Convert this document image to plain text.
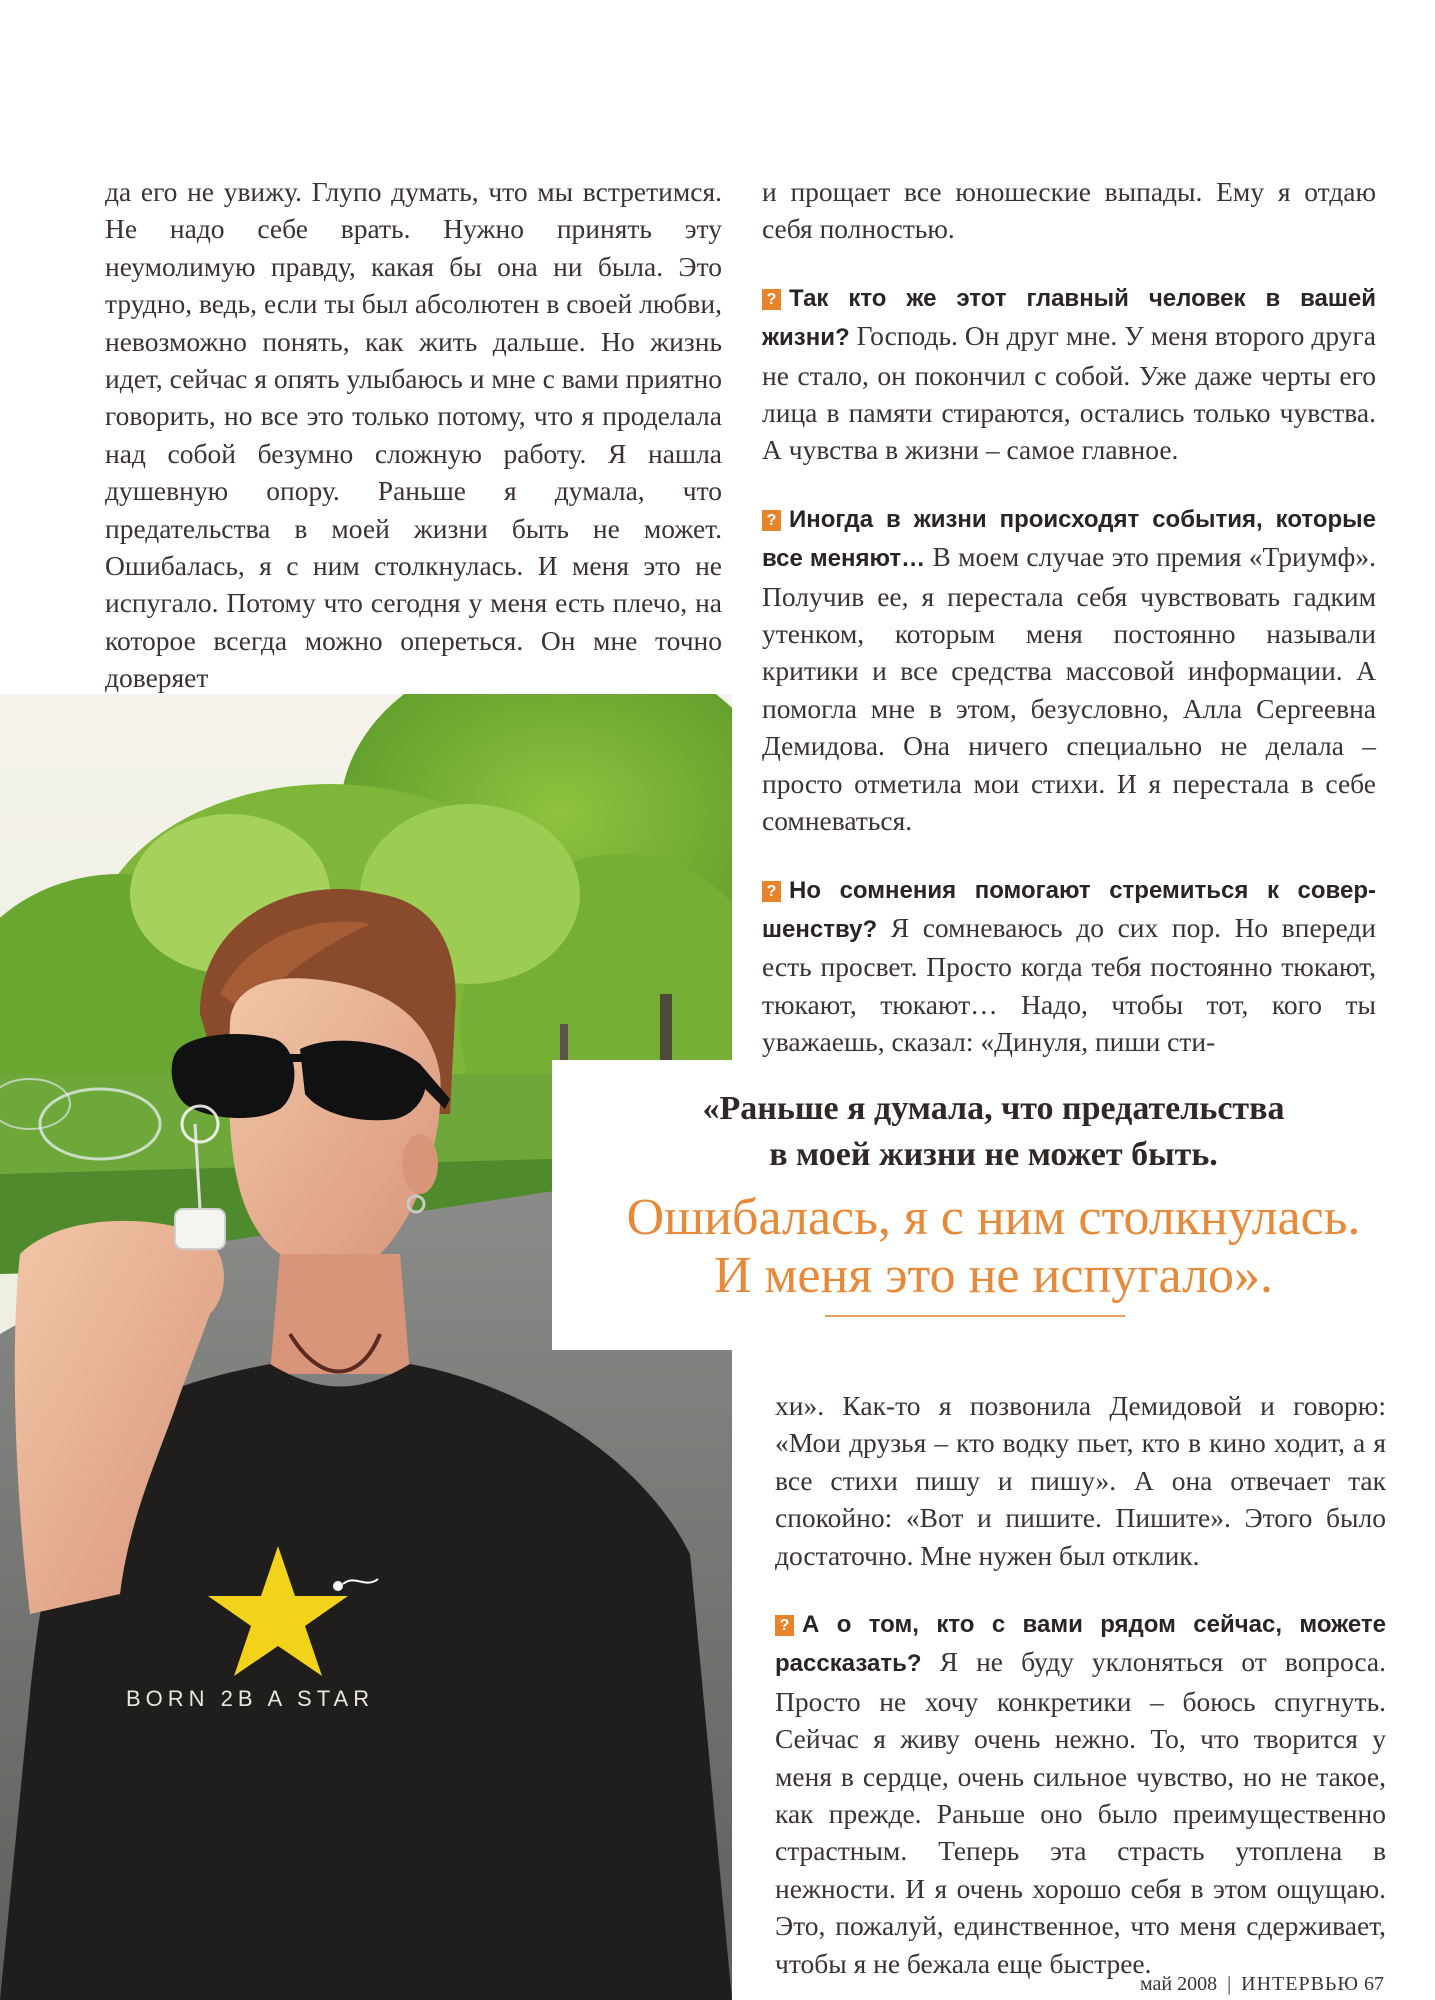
да его не увижу. Глупо думать, что мы встретимся. Не надо себе врать. Нужно принять эту неумолимую правду, какая бы она ни была. Это трудно, ведь, если ты был абсолютен в своей любви, невозможно понять, как жить дальше. Но жизнь идет, сейчас я опять улыбаюсь и мне с вами приятно говорить, но все это только потому, что я проделала над собой безумно сложную работу. Я нашла душевную опору. Раньше я думала, что предательства в моей жизни быть не может. Ошибалась, я с ним столкнулась. И меня это не испугало. Потому что сегодня у меня есть плечо, на которое всегда можно опереться. Он мне точно доверяет

и прощает все юношеские выпады. Ему я отдаю себя полностью.

? Так кто же этот главный человек в вашей жизни? Господь. Он друг мне. У меня второго друга не стало, он покончил с собой. Уже даже черты его лица в памяти стираются, остались только чувства. А чувства в жизни – самое главное.

? Иногда в жизни происходят события, которые все меняют… В моем случае это премия «Триумф». Получив ее, я перестала себя чувствовать гадким утенком, которым меня постоянно называли критики и все средства массовой информации. А помогла мне в этом, безусловно, Алла Сергеевна Демидова. Она ничего специально не делала – просто отметила мои стихи. И я перестала в себе сомневаться.

? Но сомнения помогают стремиться к совершенству? Я сомневаюсь до сих пор. Но впереди есть просвет. Просто когда тебя постоянно тюкают, тюкают, тюкают… Надо, чтобы тот, кого ты уважаешь, сказал: «Динуля, пиши сти-

BORN 2B A STAR
«Раньше я думала, что предательства
в моей жизни не может быть.
Ошибалась, я с ним столкнулась.
И меня это не испугало».

хи». Как-то я позвонила Демидовой и говорю: «Мои друзья – кто водку пьет, кто в кино ходит, а я все стихи пишу и пишу». А она отвечает так спокойно: «Вот и пишите. Пишите». Этого было достаточно. Мне нужен был отклик.

? А о том, кто с вами рядом сейчас, можете рассказать? Я не буду уклоняться от вопроса. Просто не хочу конкретики – боюсь спугнуть. Сейчас я живу очень нежно. То, что творится у меня в сердце, очень сильное чувство, но не такое, как прежде. Раньше оно было преимущественно страстным. Теперь эта страсть утоплена в нежности. И я очень хорошо себя в этом ощущаю. Это, пожалуй, единственное, что меня сдерживает, чтобы я не бежала еще быстрее.

май 2008 | ИНТЕРВЬЮ 67
